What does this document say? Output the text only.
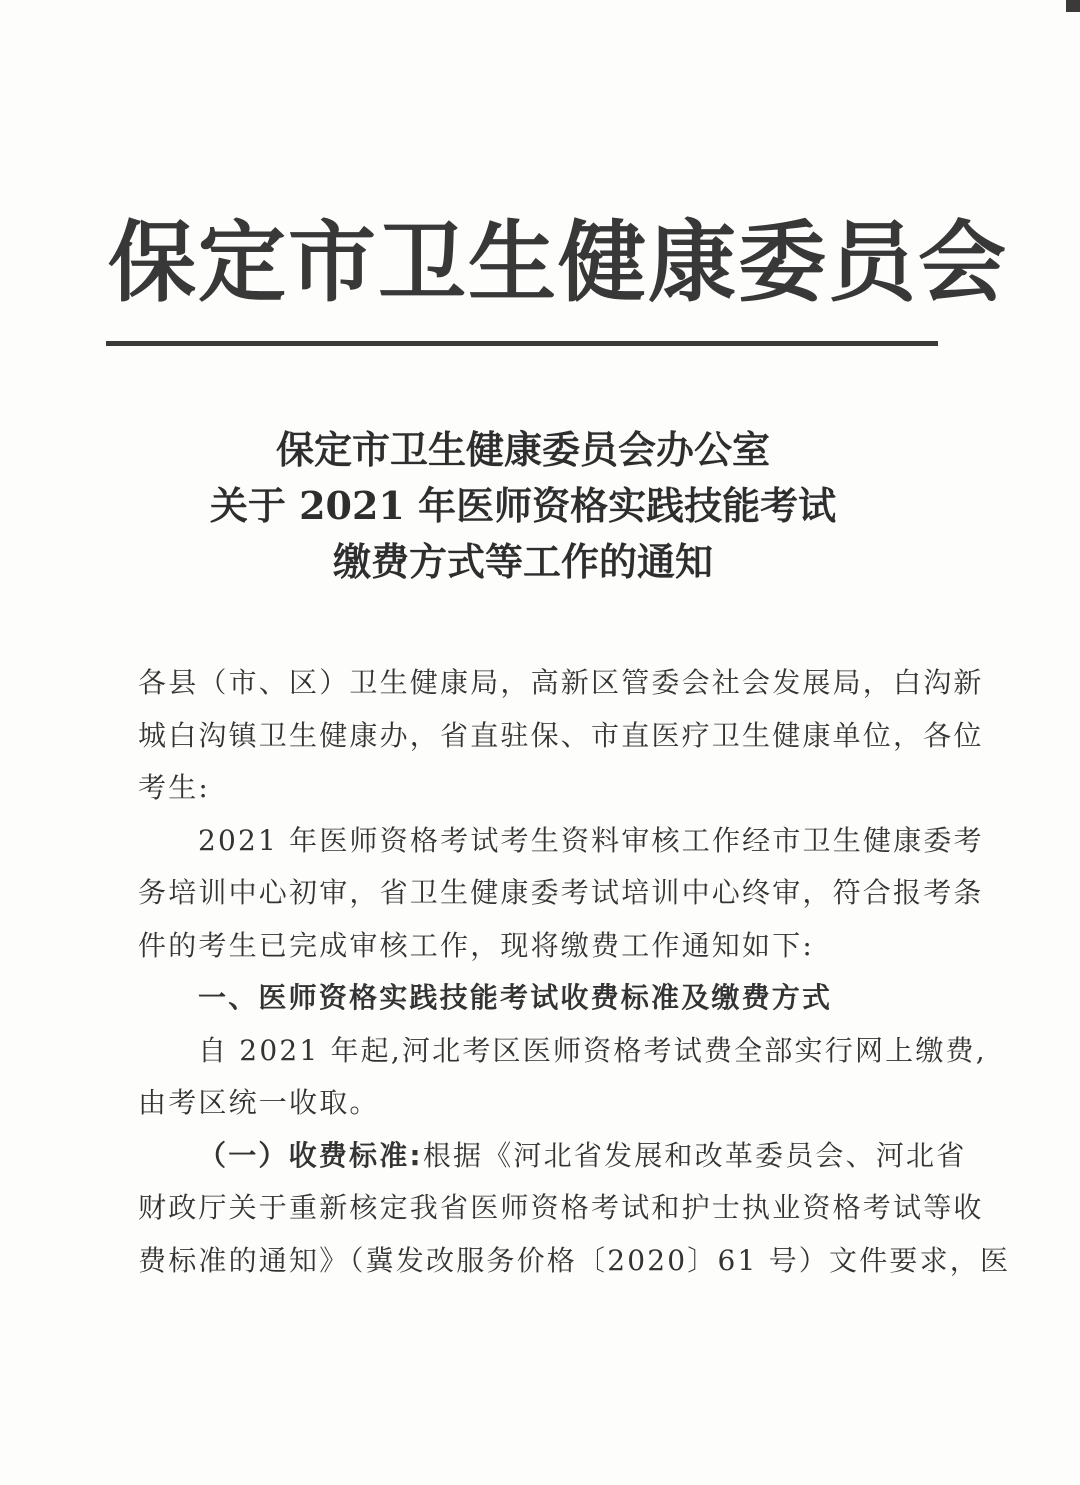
保定市卫生健康委员会
保定市卫生健康委员会办公室
关于 2021 年医师资格实践技能考试
缴费方式等工作的通知
各县（市、区）卫生健康局，高新区管委会社会发展局，白沟新
城白沟镇卫生健康办，省直驻保、市直医疗卫生健康单位，各位
考生:
2021 年医师资格考试考生资料审核工作经市卫生健康委考
务培训中心初审，省卫生健康委考试培训中心终审，符合报考条
件的考生已完成审核工作，现将缴费工作通知如下:
一、医师资格实践技能考试收费标准及缴费方式
自 2021 年起,河北考区医师资格考试费全部实行网上缴费,
由考区统一收取。
（一）收费标准:根据《河北省发展和改革委员会、河北省
财政厅关于重新核定我省医师资格考试和护士执业资格考试等收
费标准的通知》（冀发改服务价格〔2020〕61 号）文件要求，医
